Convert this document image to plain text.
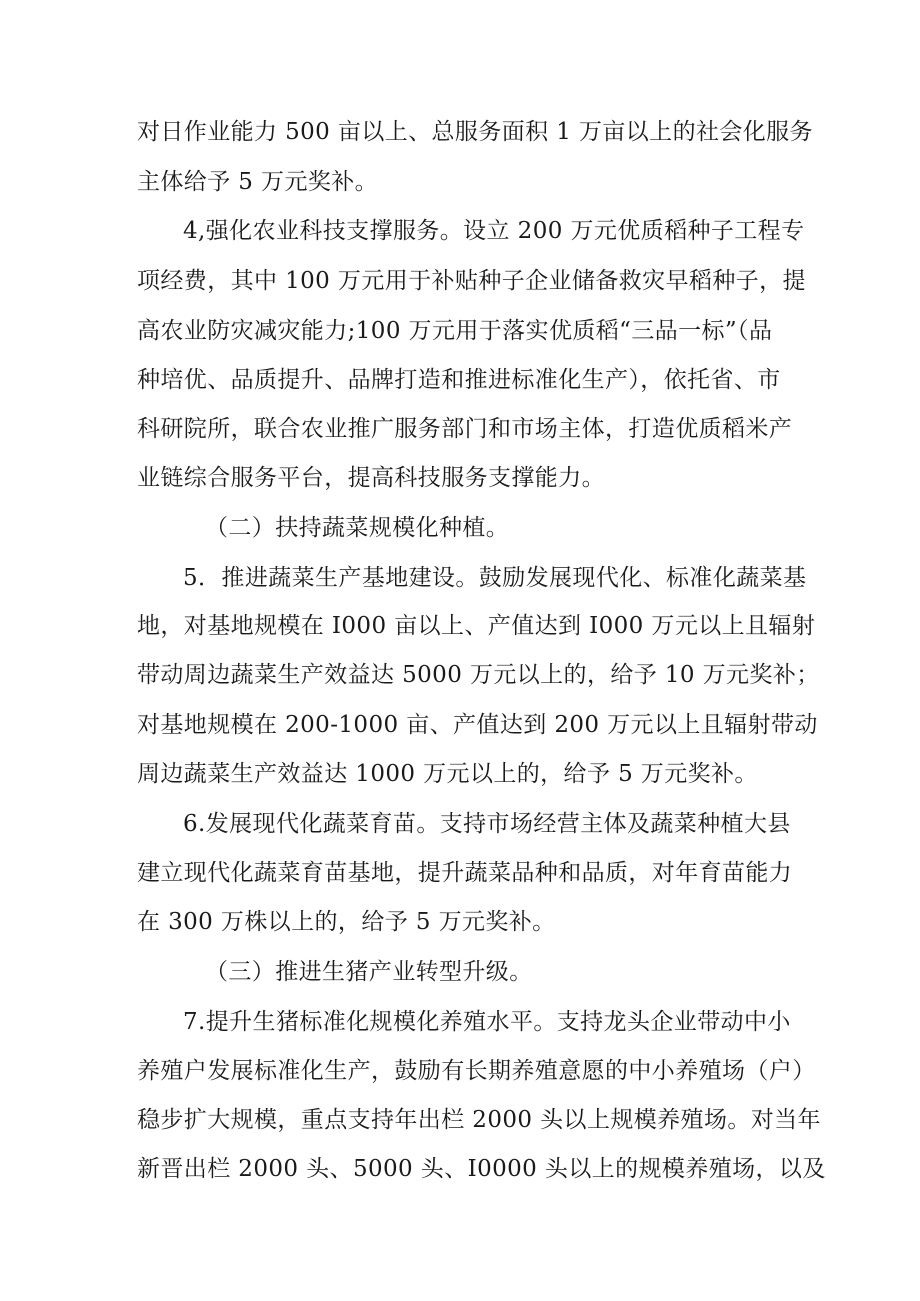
对日作业能力 500 亩以上、总服务面积 1 万亩以上的社会化服务
主体给予 5 万元奖补。
4,强化农业科技支撑服务。设立 200 万元优质稻种子工程专
项经费，其中 100 万元用于补贴种子企业储备救灾早稻种子，提
高农业防灾减灾能力;100 万元用于落实优质稻“三品一标”（品
种培优、品质提升、品牌打造和推进标准化生产），依托省、市
科研院所，联合农业推广服务部门和市场主体，打造优质稻米产
业链综合服务平台，提高科技服务支撑能力。
（二）扶持蔬菜规模化种植。
5．推进蔬菜生产基地建设。鼓励发展现代化、标准化蔬菜基
地，对基地规模在 I000 亩以上、产值达到 I000 万元以上且辐射
带动周边蔬菜生产效益达 5000 万元以上的，给予 10 万元奖补；
对基地规模在 200-1000 亩、产值达到 200 万元以上且辐射带动
周边蔬菜生产效益达 1000 万元以上的，给予 5 万元奖补。
6.发展现代化蔬菜育苗。支持市场经营主体及蔬菜种植大县
建立现代化蔬菜育苗基地，提升蔬菜品种和品质，对年育苗能力
在 300 万株以上的，给予 5 万元奖补。
（三）推进生猪产业转型升级。
7.提升生猪标准化规模化养殖水平。支持龙头企业带动中小
养殖户发展标准化生产，鼓励有长期养殖意愿的中小养殖场（户）
稳步扩大规模，重点支持年出栏 2000 头以上规模养殖场。对当年
新晋出栏 2000 头、5000 头、I0000 头以上的规模养殖场，以及
